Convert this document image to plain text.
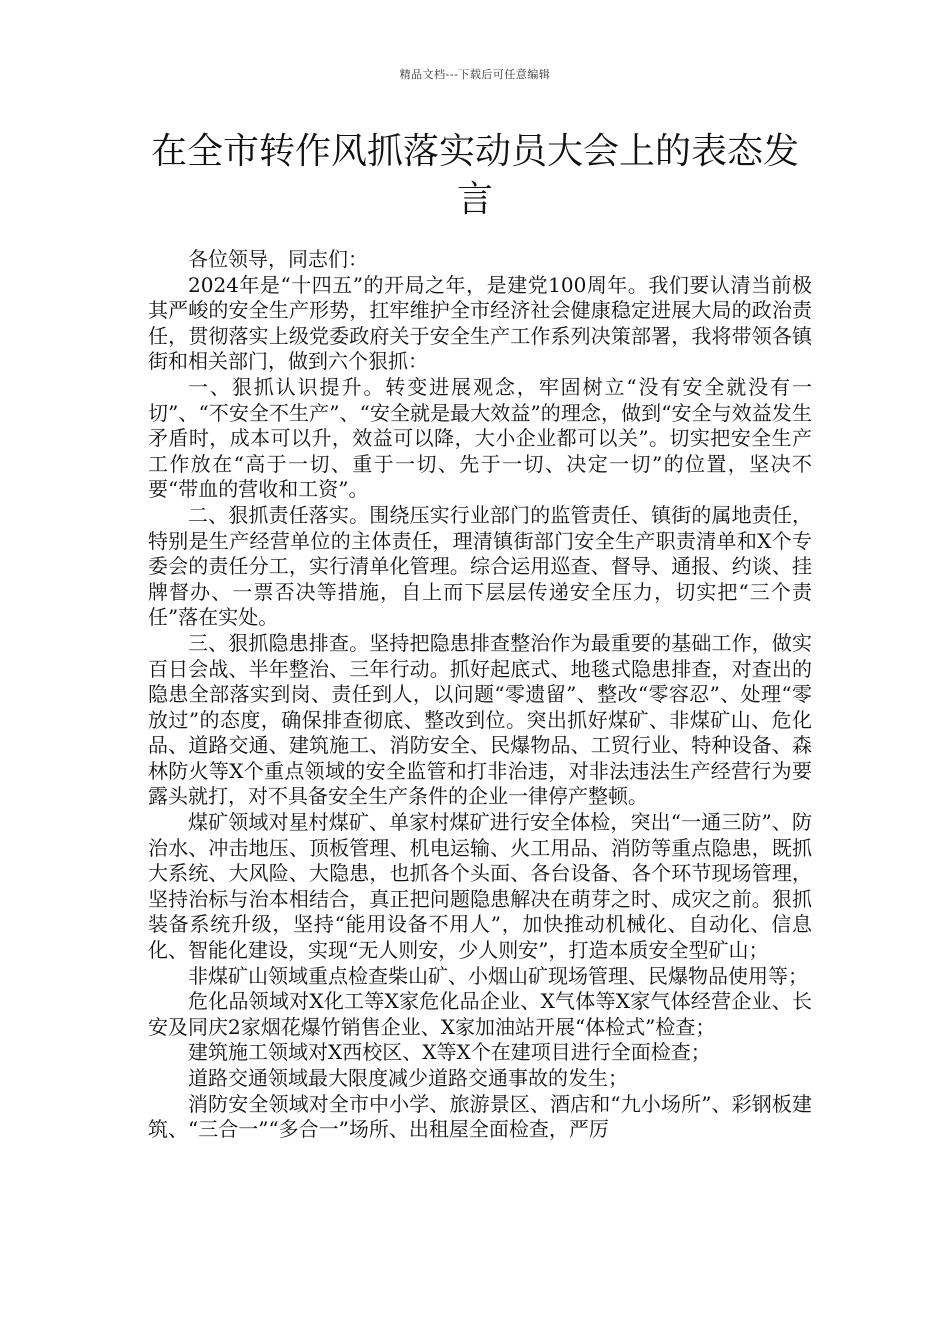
精品文档---下载后可任意编辑
在全市转作风抓落实动员大会上的表态发言

各位领导，同志们：

2024年是“十四五”的开局之年，是建党100周年。我们要认清当前极其严峻的安全生产形势，扛牢维护全市经济社会健康稳定进展大局的政治责任，贯彻落实上级党委政府关于安全生产工作系列决策部署，我将带领各镇街和相关部门，做到六个狠抓：

一、狠抓认识提升。转变进展观念，牢固树立“没有安全就没有一切”、“不安全不生产”、“安全就是最大效益”的理念，做到“安全与效益发生矛盾时，成本可以升，效益可以降，大小企业都可以关”。切实把安全生产工作放在“高于一切、重于一切、先于一切、决定一切”的位置，坚决不要“带血的营收和工资”。

二、狠抓责任落实。围绕压实行业部门的监管责任、镇街的属地责任，特别是生产经营单位的主体责任，理清镇街部门安全生产职责清单和X个专委会的责任分工，实行清单化管理。综合运用巡查、督导、通报、约谈、挂牌督办、一票否决等措施，自上而下层层传递安全压力，切实把“三个责任”落在实处。

三、狠抓隐患排查。坚持把隐患排查整治作为最重要的基础工作，做实百日会战、半年整治、三年行动。抓好起底式、地毯式隐患排查，对查出的隐患全部落实到岗、责任到人，以问题“零遗留”、整改“零容忍”、处理“零放过”的态度，确保排查彻底、整改到位。突出抓好煤矿、非煤矿山、危化品、道路交通、建筑施工、消防安全、民爆物品、工贸行业、特种设备、森林防火等X个重点领域的安全监管和打非治违，对非法违法生产经营行为要露头就打，对不具备安全生产条件的企业一律停产整顿。

煤矿领域对星村煤矿、单家村煤矿进行安全体检，突出“一通三防”、防治水、冲击地压、顶板管理、机电运输、火工用品、消防等重点隐患，既抓大系统、大风险、大隐患，也抓各个头面、各台设备、各个环节现场管理，坚持治标与治本相结合，真正把问题隐患解决在萌芽之时、成灾之前。狠抓装备系统升级，坚持“能用设备不用人”，加快推动机械化、自动化、信息化、智能化建设，实现“无人则安，少人则安”，打造本质安全型矿山；

非煤矿山领域重点检查柴山矿、小烟山矿现场管理、民爆物品使用等；

危化品领域对X化工等X家危化品企业、X气体等X家气体经营企业、长安及同庆2家烟花爆竹销售企业、X家加油站开展“体检式”检查；

建筑施工领域对X西校区、X等X个在建项目进行全面检查；

道路交通领域最大限度减少道路交通事故的发生；

消防安全领域对全市中小学、旅游景区、酒店和“九小场所”、彩钢板建筑、“三合一”“多合一”场所、出租屋全面检查，严厉
